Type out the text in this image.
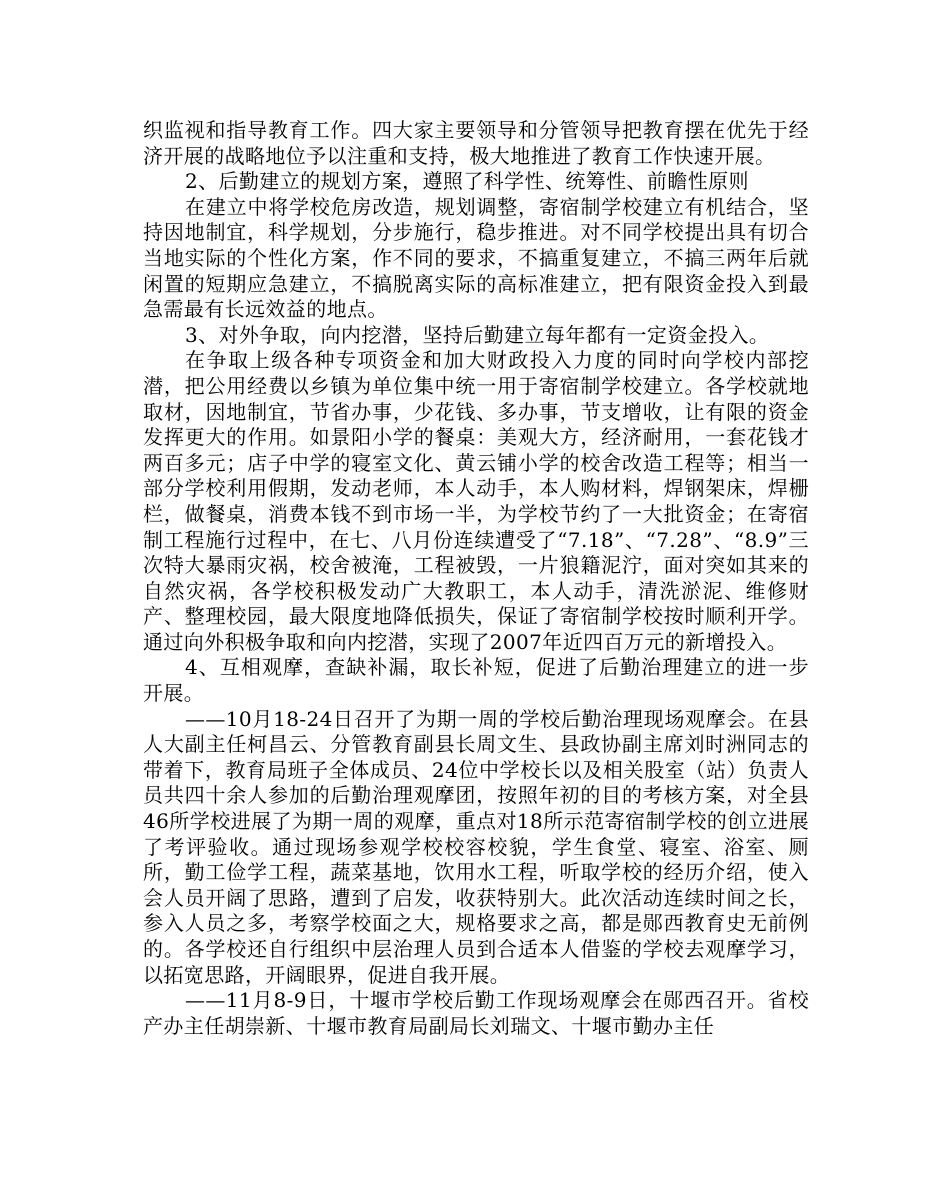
织监视和指导教育工作。四大家主要领导和分管领导把教育摆在优先于经济开展的战略地位予以注重和支持，极大地推进了教育工作快速开展。

2、后勤建立的规划方案，遵照了科学性、统筹性、前瞻性原则

在建立中将学校危房改造，规划调整，寄宿制学校建立有机结合，坚持因地制宜，科学规划，分步施行，稳步推进。对不同学校提出具有切合当地实际的个性化方案，作不同的要求，不搞重复建立，不搞三两年后就闲置的短期应急建立，不搞脱离实际的高标准建立，把有限资金投入到最急需最有长远效益的地点。

3、对外争取，向内挖潜，坚持后勤建立每年都有一定资金投入。

在争取上级各种专项资金和加大财政投入力度的同时向学校内部挖潜，把公用经费以乡镇为单位集中统一用于寄宿制学校建立。各学校就地取材，因地制宜，节省办事，少花钱、多办事，节支增收，让有限的资金发挥更大的作用。如景阳小学的餐桌：美观大方，经济耐用，一套花钱才两百多元；店子中学的寝室文化、黄云铺小学的校舍改造工程等；相当一部分学校利用假期，发动老师，本人动手，本人购材料，焊钢架床，焊栅栏，做餐桌，消费本钱不到市场一半，为学校节约了一大批资金；在寄宿制工程施行过程中，在七、八月份连续遭受了“7.18”、“7.28”、“8.9”三次特大暴雨灾祸，校舍被淹，工程被毁，一片狼籍泥泞，面对突如其来的自然灾祸，各学校积极发动广大教职工，本人动手，清洗淤泥、维修财产、整理校园，最大限度地降低损失，保证了寄宿制学校按时顺利开学。通过向外积极争取和向内挖潜，实现了2007年近四百万元的新增投入。

4、互相观摩，查缺补漏，取长补短，促进了后勤治理建立的进一步开展。

——10月18-24日召开了为期一周的学校后勤治理现场观摩会。在县人大副主任柯昌云、分管教育副县长周文生、县政协副主席刘时洲同志的带着下，教育局班子全体成员、24位中学校长以及相关股室（站）负责人员共四十余人参加的后勤治理观摩团，按照年初的目的考核方案，对全县46所学校进展了为期一周的观摩，重点对18所示范寄宿制学校的创立进展了考评验收。通过现场参观学校校容校貌，学生食堂、寝室、浴室、厕所，勤工俭学工程，蔬菜基地，饮用水工程，听取学校的经历介绍，使入会人员开阔了思路，遭到了启发，收获特别大。此次活动连续时间之长，参入人员之多，考察学校面之大，规格要求之高，都是郧西教育史无前例的。各学校还自行组织中层治理人员到合适本人借鉴的学校去观摩学习，以拓宽思路，开阔眼界，促进自我开展。

——11月8-9日，十堰市学校后勤工作现场观摩会在郧西召开。省校产办主任胡崇新、十堰市教育局副局长刘瑞文、十堰市勤办主任
